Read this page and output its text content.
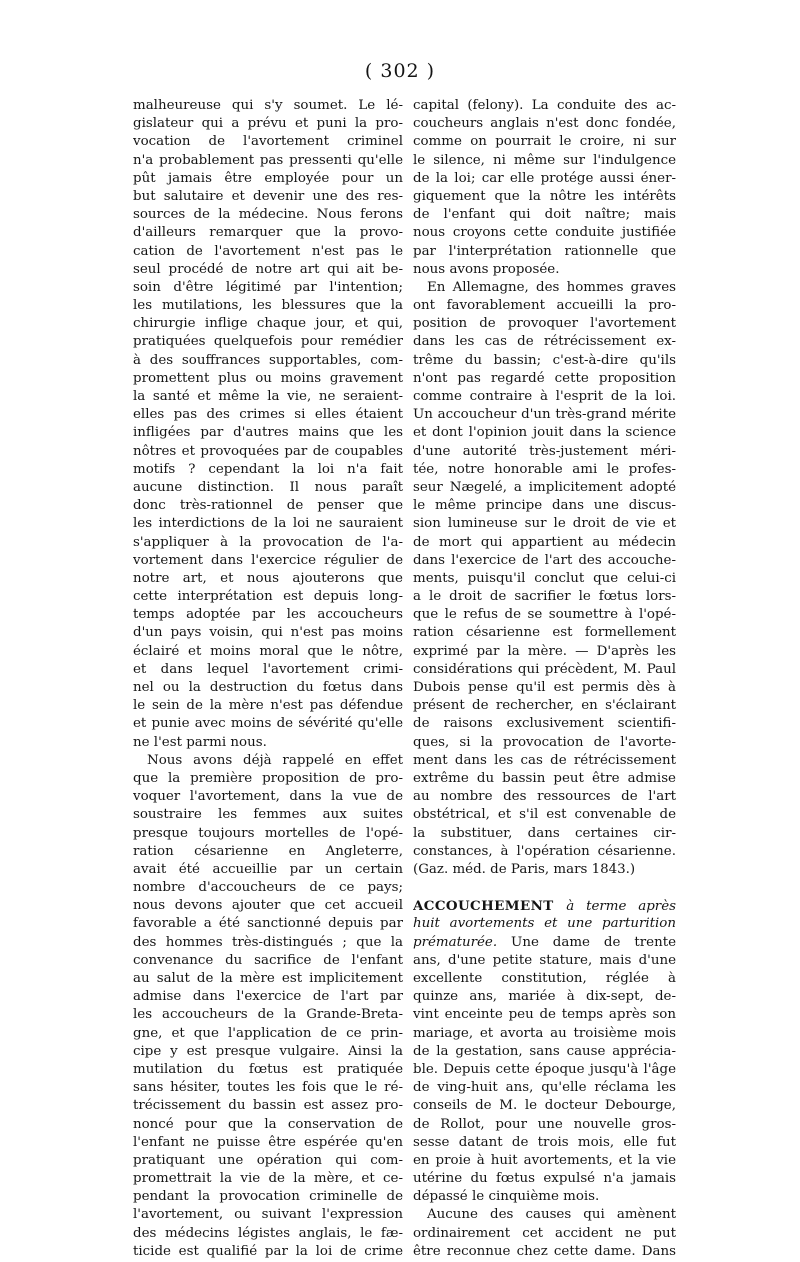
( 302 )
malheureuse qui s'y soumet. Le lé-
gislateur qui a prévu et puni la pro-
vocation de l'avortement criminel
n'a probablement pas pressenti qu'elle
pût jamais être employée pour un
but salutaire et devenir une des res-
sources de la médecine. Nous ferons
d'ailleurs remarquer que la provo-
cation de l'avortement n'est pas le
seul procédé de notre art qui ait be-
soin d'être légitimé par l'intention;
les mutilations, les blessures que la
chirurgie inflige chaque jour, et qui,
pratiquées quelquefois pour remédier
à des souffrances supportables, com-
promettent plus ou moins gravement
la santé et même la vie, ne seraient-
elles pas des crimes si elles étaient
infligées par d'autres mains que les
nôtres et provoquées par de coupables
motifs ? cependant la loi n'a fait
aucune distinction. Il nous paraît
donc très-rationnel de penser que
les interdictions de la loi ne sauraient
s'appliquer à la provocation de l'a-
vortement dans l'exercice régulier de
notre art, et nous ajouterons que
cette interprétation est depuis long-
temps adoptée par les accoucheurs
d'un pays voisin, qui n'est pas moins
éclairé et moins moral que le nôtre,
et dans lequel l'avortement crimi-
nel ou la destruction du fœtus dans
le sein de la mère n'est pas défendue
et punie avec moins de sévérité qu'elle
ne l'est parmi nous.
Nous avons déjà rappelé en effet
que la première proposition de pro-
voquer l'avortement, dans la vue de
soustraire les femmes aux suites
presque toujours mortelles de l'opé-
ration césarienne en Angleterre,
avait été accueillie par un certain
nombre d'accoucheurs de ce pays;
nous devons ajouter que cet accueil
favorable a été sanctionné depuis par
des hommes très-distingués ; que la
convenance du sacrifice de l'enfant
au salut de la mère est implicitement
admise dans l'exercice de l'art par
les accoucheurs de la Grande-Breta-
gne, et que l'application de ce prin-
cipe y est presque vulgaire. Ainsi la
mutilation du fœtus est pratiquée
sans hésiter, toutes les fois que le ré-
trécissement du bassin est assez pro-
noncé pour que la conservation de
l'enfant ne puisse être espérée qu'en
pratiquant une opération qui com-
promettrait la vie de la mère, et ce-
pendant la provocation criminelle de
l'avortement, ou suivant l'expression
des médecins légistes anglais, le fæ-
ticide est qualifié par la loi de crime
capital (felony). La conduite des ac-
coucheurs anglais n'est donc fondée,
comme on pourrait le croire, ni sur
le silence, ni même sur l'indulgence
de la loi; car elle protége aussi éner-
giquement que la nôtre les intérêts
de l'enfant qui doit naître; mais
nous croyons cette conduite justifiée
par l'interprétation rationnelle que
nous avons proposée.
En Allemagne, des hommes graves
ont favorablement accueilli la pro-
position de provoquer l'avortement
dans les cas de rétrécissement ex-
trême du bassin; c'est-à-dire qu'ils
n'ont pas regardé cette proposition
comme contraire à l'esprit de la loi.
Un accoucheur d'un très-grand mérite
et dont l'opinion jouit dans la science
d'une autorité très-justement méri-
tée, notre honorable ami le profes-
seur Nægelé, a implicitement adopté
le même principe dans une discus-
sion lumineuse sur le droit de vie et
de mort qui appartient au médecin
dans l'exercice de l'art des accouche-
ments, puisqu'il conclut que celui-ci
a le droit de sacrifier le fœtus lors-
que le refus de se soumettre à l'opé-
ration césarienne est formellement
exprimé par la mère. — D'après les
considérations qui précèdent, M. Paul
Dubois pense qu'il est permis dès à
présent de rechercher, en s'éclairant
de raisons exclusivement scientifi-
ques, si la provocation de l'avorte-
ment dans les cas de rétrécissement
extrême du bassin peut être admise
au nombre des ressources de l'art
obstétrical, et s'il est convenable de
la substituer, dans certaines cir-
constances, à l'opération césarienne.
(Gaz. méd. de Paris, mars 1843.)
ACCOUCHEMENT à terme après
huit avortements et une parturition
prématurée. Une dame de trente
ans, d'une petite stature, mais d'une
excellente constitution, réglée à
quinze ans, mariée à dix-sept, de-
vint enceinte peu de temps après son
mariage, et avorta au troisième mois
de la gestation, sans cause apprécia-
ble. Depuis cette époque jusqu'à l'âge
de ving-huit ans, qu'elle réclama les
conseils de M. le docteur Debourge,
de Rollot, pour une nouvelle gros-
sesse datant de trois mois, elle fut
en proie à huit avortements, et la vie
utérine du fœtus expulsé n'a jamais
dépassé le cinquième mois.
Aucune des causes qui amènent
ordinairement cet accident ne put
être reconnue chez cette dame. Dans
